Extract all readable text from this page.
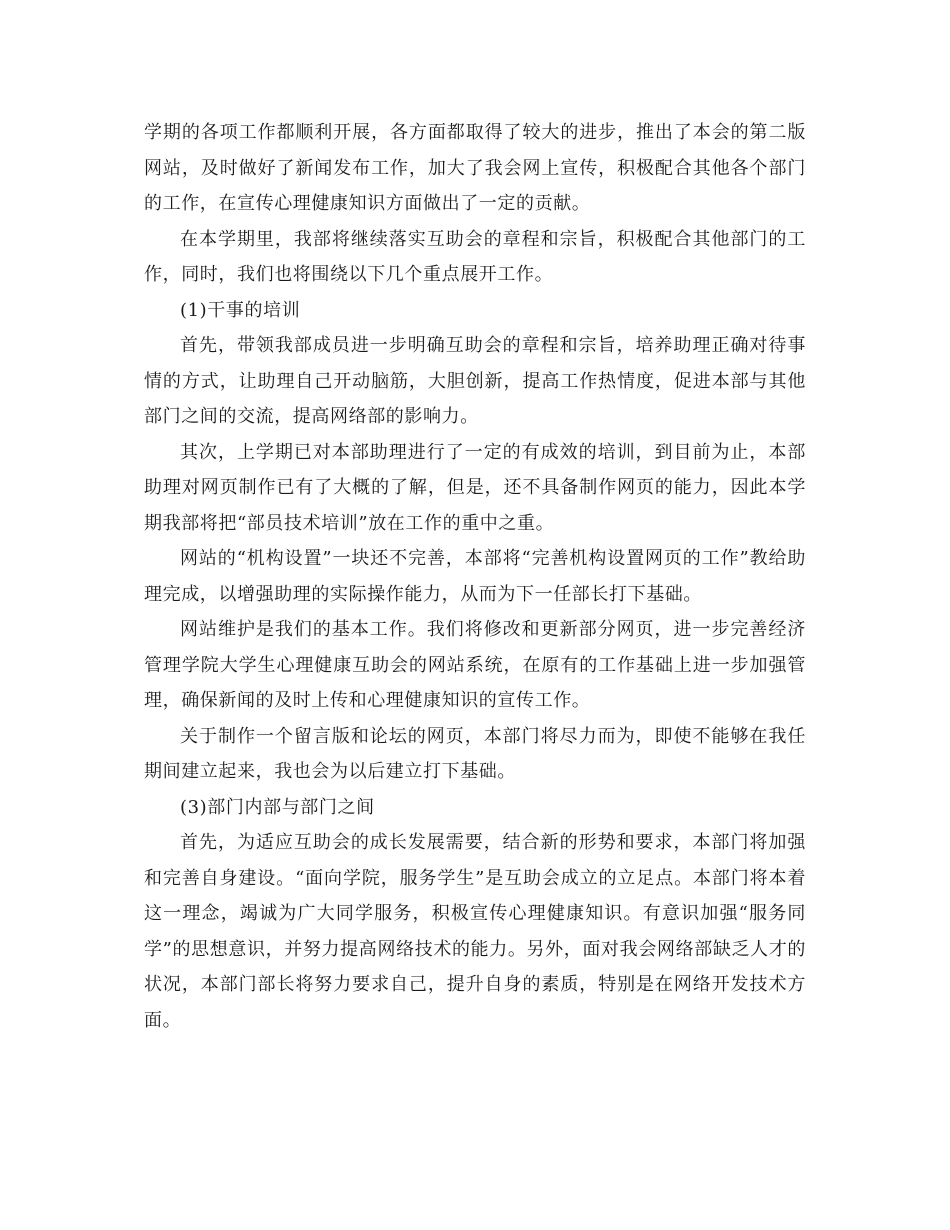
学期的各项工作都顺利开展，各方面都取得了较大的进步，推出了本会的第二版网站，及时做好了新闻发布工作，加大了我会网上宣传，积极配合其他各个部门的工作，在宣传心理健康知识方面做出了一定的贡献。

在本学期里，我部将继续落实互助会的章程和宗旨，积极配合其他部门的工作，同时，我们也将围绕以下几个重点展开工作。

(1)干事的培训

首先，带领我部成员进一步明确互助会的章程和宗旨，培养助理正确对待事情的方式，让助理自己开动脑筋，大胆创新，提高工作热情度，促进本部与其他部门之间的交流，提高网络部的影响力。

其次，上学期已对本部助理进行了一定的有成效的培训，到目前为止，本部助理对网页制作已有了大概的了解，但是，还不具备制作网页的能力，因此本学期我部将把“部员技术培训”放在工作的重中之重。

网站的“机构设置”一块还不完善，本部将“完善机构设置网页的工作”教给助理完成，以增强助理的实际操作能力，从而为下一任部长打下基础。

网站维护是我们的基本工作。我们将修改和更新部分网页，进一步完善经济管理学院大学生心理健康互助会的网站系统，在原有的工作基础上进一步加强管理，确保新闻的及时上传和心理健康知识的宣传工作。

关于制作一个留言版和论坛的网页，本部门将尽力而为，即使不能够在我任期间建立起来，我也会为以后建立打下基础。

(3)部门内部与部门之间

首先，为适应互助会的成长发展需要，结合新的形势和要求，本部门将加强和完善自身建设。“面向学院，服务学生”是互助会成立的立足点。本部门将本着这一理念，竭诚为广大同学服务，积极宣传心理健康知识。有意识加强“服务同学”的思想意识，并努力提高网络技术的能力。另外，面对我会网络部缺乏人才的状况，本部门部长将努力要求自己，提升自身的素质，特别是在网络开发技术方面。
